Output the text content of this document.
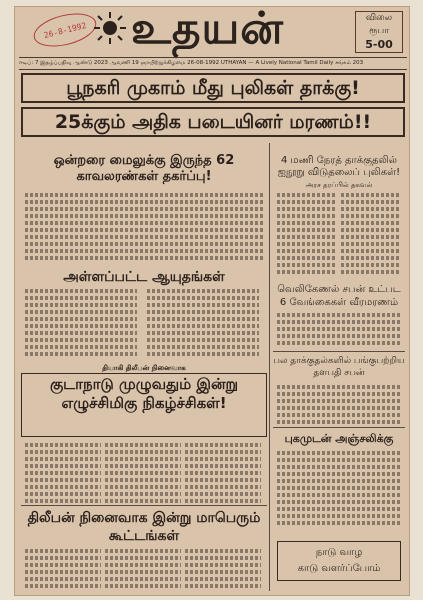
26-8-1992 உதயன்	விலை
ரூபா
5-00
ஈடிப்: 7 இதழ்ப்பதிவு ஆண்டு 2023 ஆவணி 19 ஞாயிற்றுக்கிழமை 26-08-1992 UTHAYAN — A Lively National Tamil Daily சங்கம் 203
பூநகரி முகாம் மீது புலிகள் தாக்கு!
25க்கும் அதிக படையினர் மரணம்!!
ஒன்றரை மைலுக்கு இருந்த 62 காவலரண்கள் தகர்ப்பு!
அள்ளப்பட்ட ஆயுதங்கள்
தியாகி திலீபன் நினைவாக
குடாநாடு முழுவதும் இன்று எழுச்சிமிகு நிகழ்ச்சிகள்!
திலீபன் நினைவாக இன்று மாபெரும் கூட்டங்கள்
4 மணி நேரத் தாக்குதலில் ஐநூறு விடுதலைப் புலிகள்!
அரச தரப்பில் தகவல்
வெலிகேணல் சபன் உட்பட 6 வேங்கைகள் வீரமரணம்
பல தாக்குதல்களில் பங்குபற்றிய தளபதி சபன்
புகமுடன் அஞ்சலிக்கு
நாடு வாழ
காடு வளர்ப்போம்
